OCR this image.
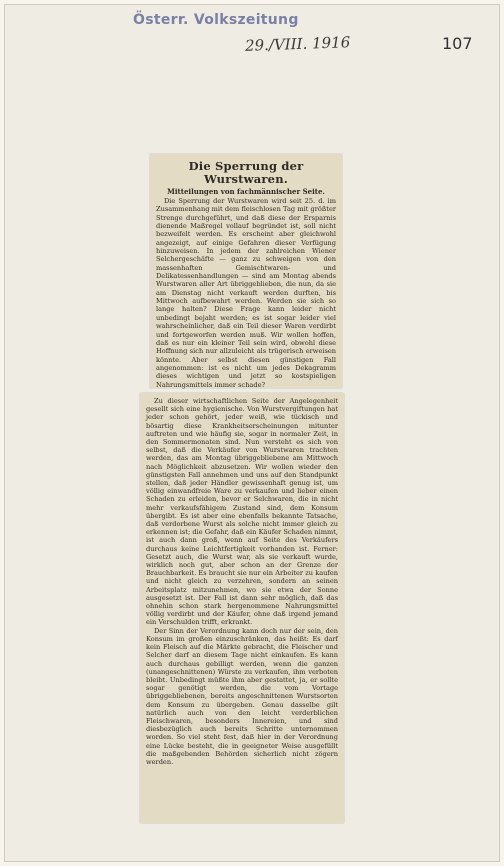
Österr. Volkszeitung
29./VIII. 1916	107
Die Sperrung der Wurstwaren.
Mitteilungen von fachmännischer Seite.
Die Sperrung der Wurstwaren wird seit 25. d. im Zusammenhang mit dem fleischlosen Tag mit größter Strenge durchgeführt, und daß diese der Ersparnis dienende Maßregel vollauf begründet ist, soll nicht bezweifelt werden. Es erscheint aber gleichwohl angezeigt, auf einige Gefahren dieser Verfügung hinzuweisen. In jedem der zahlreichen Wiener Selchergeschäfte — ganz zu schweigen von den massenhaften Gemischtwaren- und Delikatessenhandlungen — sind am Montag abends Wurstwaren aller Art übriggeblieben, die nun, da sie am Dienstag nicht verkauft werden durften, bis Mittwoch aufbewahrt werden. Werden sie sich so lange halten? Diese Frage kann leider nicht unbedingt bejaht werden; es ist sogar leider viel wahrscheinlicher, daß ein Teil dieser Waren verdirbt und fortgeworfen werden muß. Wir wollen hoffen, daß es nur ein kleiner Teil sein wird, obwohl diese Hoffnung sich nur allzuleicht als trügerisch erweisen könnte. Aber selbst diesen günstigen Fall angenommen: ist es nicht um jedes Dekagramm dieses wichtigen und jetzt so kostspieligen Nahrungsmittels immer schade?
Zu dieser wirtschaftlichen Seite der Angelegenheit gesellt sich eine hygienische. Von Wurstvergiftungen hat jeder schon gehört, jeder weiß, wie tückisch und bösartig diese Krankheitserscheinungen mitunter auftreten und wie häufig sie, sogar in normaler Zeit, in den Sommermonaten sind. Nun versteht es sich von selbst, daß die Verkäufer von Wurstwaren trachten werden, das am Montag übriggebliebene am Mittwoch nach Möglichkeit abzusetzen. Wir wollen wieder den günstigsten Fall annehmen und uns auf den Standpunkt stellen, daß jeder Händler gewissenhaft genug ist, um völlig einwandfreie Ware zu verkaufen und lieber einen Schaden zu erleiden, bevor er Selchwaren, die in nicht mehr verkaufsfähigem Zustand sind, dem Konsum übergibt. Es ist aber eine ebenfalls bekannte Tatsache, daß verdorbene Wurst als solche nicht immer gleich zu erkennen ist; die Gefahr, daß ein Käufer Schaden nimmt, ist auch dann groß, wenn auf Seite des Verkäufers durchaus keine Leichtfertigkeit vorhanden ist. Ferner: Gesetzt auch, die Wurst war, als sie verkauft wurde, wirklich noch gut, aber schon an der Grenze der Brauchbarkeit. Es braucht sie nur ein Arbeiter zu kaufen und nicht gleich zu verzehren, sondern an seinen Arbeitsplatz mitzunehmen, wo sie etwa der Sonne ausgesetzt ist. Der Fall ist dann sehr möglich, daß das ohnehin schon stark hergenommene Nahrungsmittel völlig verdirbt und der Käufer, ohne daß irgend jemand ein Verschulden trifft, erkrankt.
Der Sinn der Verordnung kann doch nur der sein, den Konsum im großen einzuschränken, das heißt: Es darf kein Fleisch auf die Märkte gebracht, die Fleischer und Selcher darf an diesem Tage nicht einkaufen. Es kann auch durchaus gebilligt werden, wenn die ganzen (unangeschnittenen) Würste zu verkaufen, ihm verboten bleibt. Unbedingt müßte ihm aber gestattet, ja, er sollte sogar genötigt werden, die vom Vortage übriggebliebenen, bereits angeschnittenen Wurstsorten dem Konsum zu übergeben. Genau dasselbe gilt natürlich auch von den leicht verderblichen Fleischwaren, besonders Innereien, und sind diesbezüglich auch bereits Schritte unternommen worden. So viel steht fest, daß hier in der Verordnung eine Lücke besteht, die in geeigneter Weise ausgefüllt die maßgebenden Behörden sicherlich nicht zögern werden.
